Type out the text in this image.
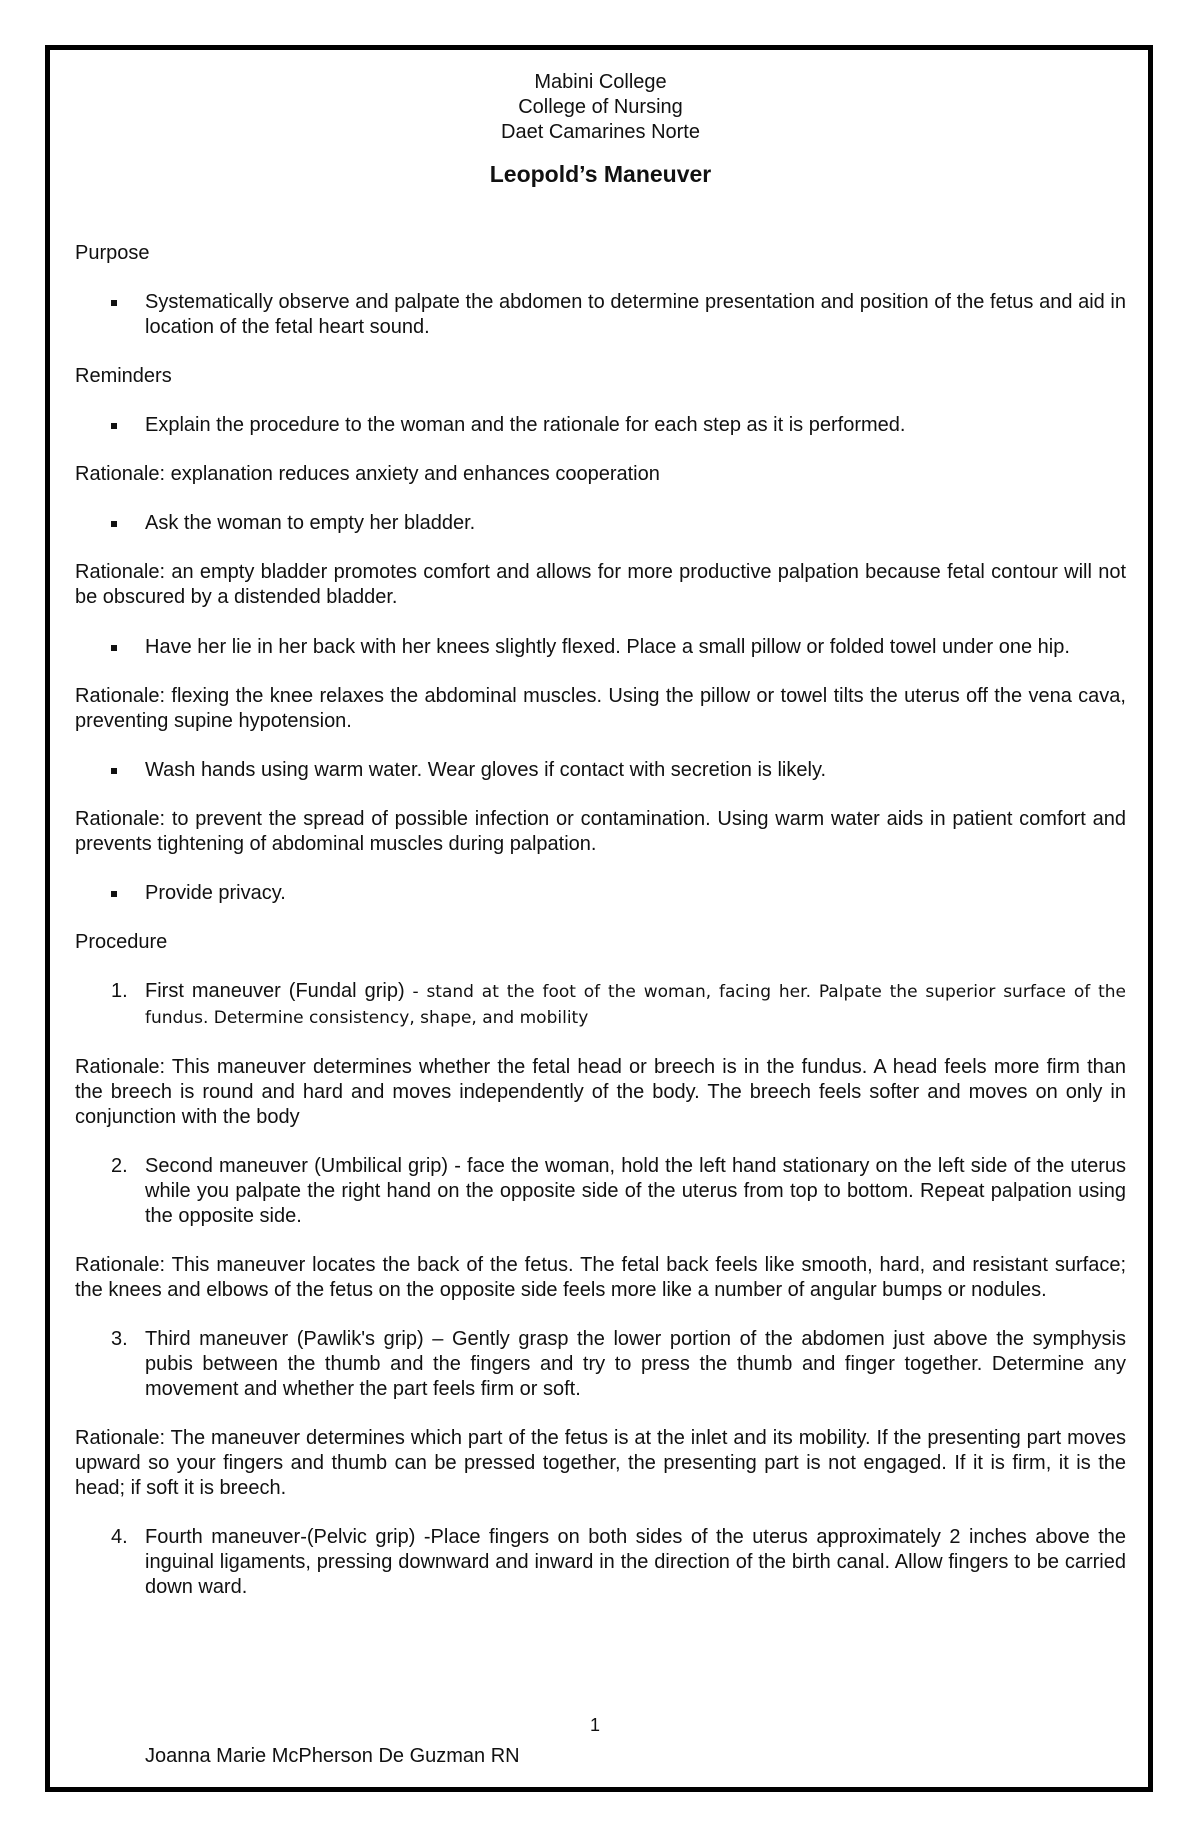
Mabini College
College of Nursing
Daet Camarines Norte
Leopold’s Maneuver
Purpose
Systematically observe and palpate the abdomen to determine presentation and position of the fetus and aid in location of the fetal heart sound.
Reminders
Explain the procedure to the woman and the rationale for each step as it is performed.
Rationale: explanation reduces anxiety and enhances cooperation
Ask the woman to empty her bladder.
Rationale: an empty bladder promotes comfort and allows for more productive palpation because fetal contour will not be obscured by a distended bladder.
Have her lie in her back with her knees slightly flexed. Place a small pillow or folded towel under one hip.
Rationale: flexing the knee relaxes the abdominal muscles. Using the pillow or towel tilts the uterus off the vena cava, preventing supine hypotension.
Wash hands using warm water. Wear gloves if contact with secretion is likely.
Rationale: to prevent the spread of possible infection or contamination. Using warm water aids in patient comfort and prevents tightening of abdominal muscles during palpation.
Provide privacy.
Procedure
1. First maneuver (Fundal grip) - stand at the foot of the woman, facing her. Palpate the superior surface of the fundus. Determine consistency, shape, and mobility
Rationale: This maneuver determines whether the fetal head or breech is in the fundus. A head feels more firm than the breech is round and hard and moves independently of the body. The breech feels softer and moves on only in conjunction with the body
2. Second maneuver (Umbilical grip) - face the woman, hold the left hand stationary on the left side of the uterus while you palpate the right hand on the opposite side of the uterus from top to bottom. Repeat palpation using the opposite side.
Rationale: This maneuver locates the back of the fetus. The fetal back feels like smooth, hard, and resistant surface; the knees and elbows of the fetus on the opposite side feels more like a number of angular bumps or nodules.
3. Third maneuver (Pawlik's grip) – Gently grasp the lower portion of the abdomen just above the symphysis pubis between the thumb and the fingers and try to press the thumb and finger together. Determine any movement and whether the part feels firm or soft.
Rationale: The maneuver determines which part of the fetus is at the inlet and its mobility. If the presenting part moves upward so your fingers and thumb can be pressed together, the presenting part is not engaged. If it is firm, it is the head; if soft it is breech.
4. Fourth maneuver-(Pelvic grip) -Place fingers on both sides of the uterus approximately 2 inches above the inguinal ligaments, pressing downward and inward in the direction of the birth canal. Allow fingers to be carried down ward.
1
Joanna Marie McPherson De Guzman RN
